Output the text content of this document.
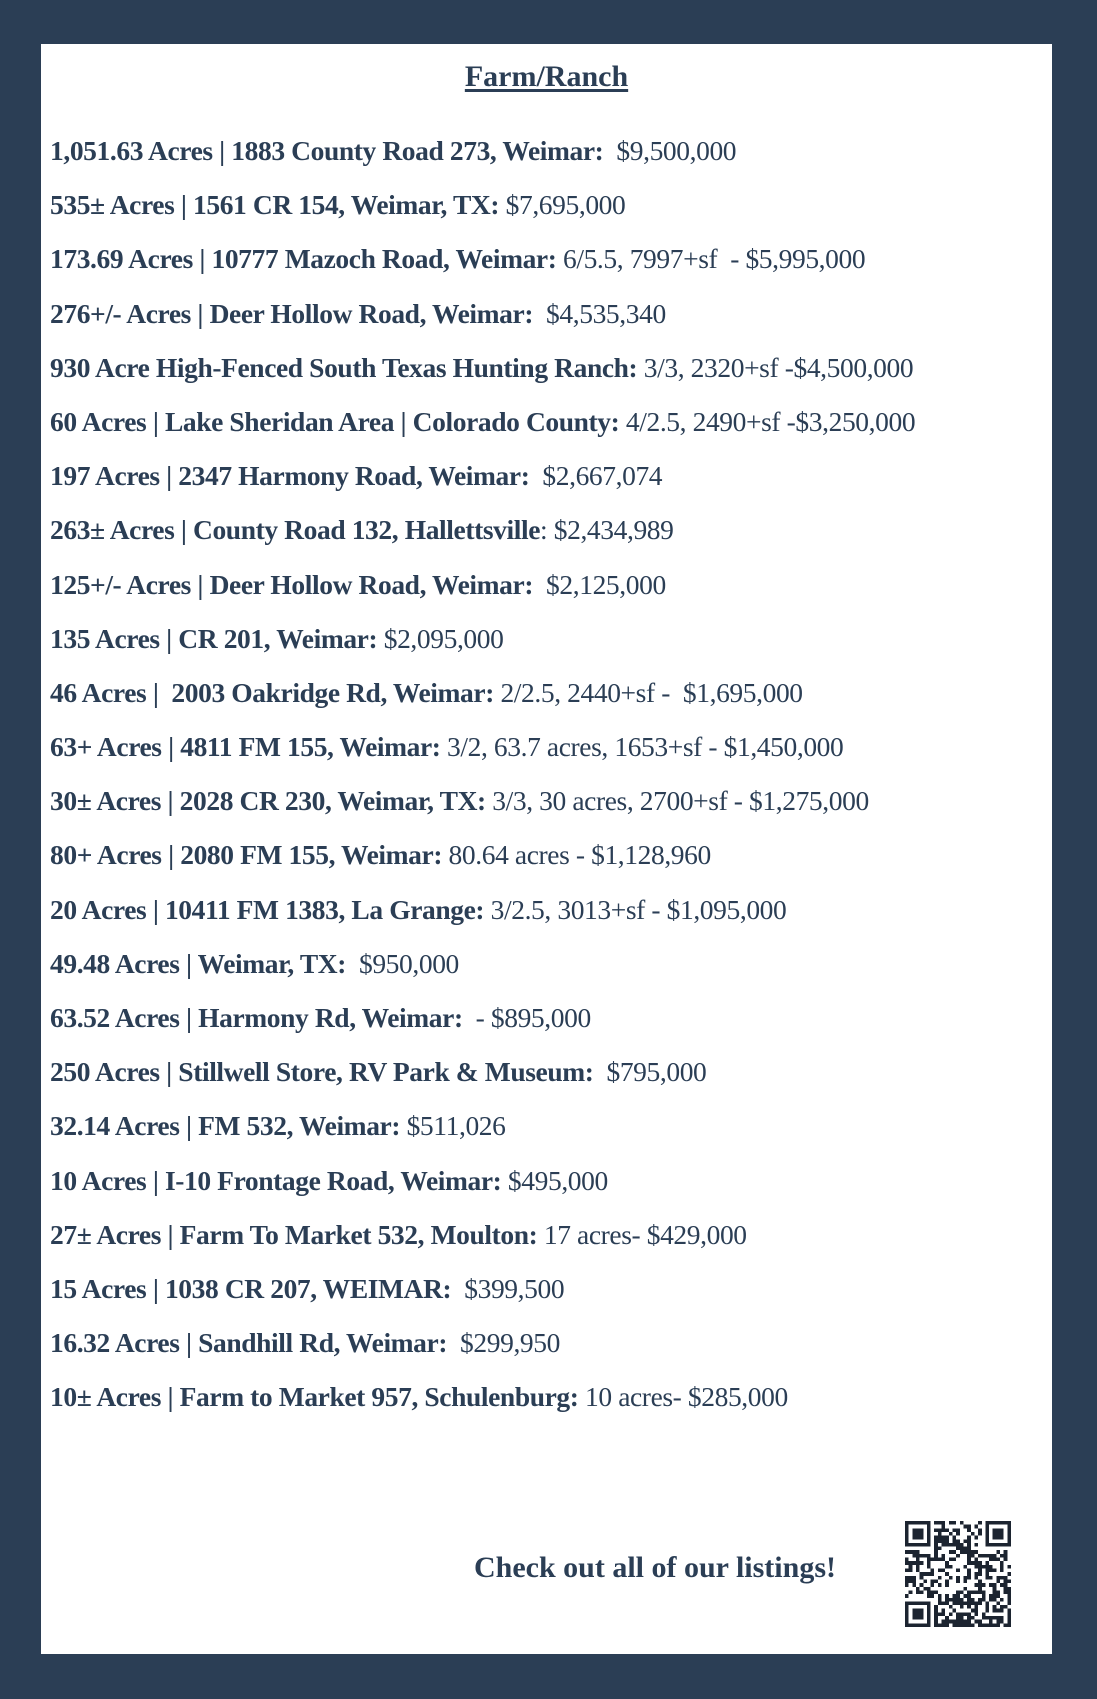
Farm/Ranch
1,051.63 Acres | 1883 County Road 273, Weimar:  $9,500,000
535± Acres | 1561 CR 154, Weimar, TX: $7,695,000
173.69 Acres | 10777 Mazoch Road, Weimar: 6/5.5, 7997+sf  - $5,995,000
276+/- Acres | Deer Hollow Road, Weimar:  $4,535,340
930 Acre High-Fenced South Texas Hunting Ranch: 3/3, 2320+sf -$4,500,000
60 Acres | Lake Sheridan Area | Colorado County: 4/2.5, 2490+sf -$3,250,000
197 Acres | 2347 Harmony Road, Weimar:  $2,667,074
263± Acres | County Road 132, Hallettsville: $2,434,989
125+/- Acres | Deer Hollow Road, Weimar:  $2,125,000
135 Acres | CR 201, Weimar: $2,095,000
46 Acres |  2003 Oakridge Rd, Weimar: 2/2.5, 2440+sf -  $1,695,000
63+ Acres | 4811 FM 155, Weimar: 3/2, 63.7 acres, 1653+sf - $1,450,000
30± Acres | 2028 CR 230, Weimar, TX: 3/3, 30 acres, 2700+sf - $1,275,000
80+ Acres | 2080 FM 155, Weimar: 80.64 acres - $1,128,960
20 Acres | 10411 FM 1383, La Grange: 3/2.5, 3013+sf - $1,095,000
49.48 Acres | Weimar, TX:  $950,000
63.52 Acres | Harmony Rd, Weimar:  - $895,000
250 Acres | Stillwell Store, RV Park & Museum:  $795,000
32.14 Acres | FM 532, Weimar: $511,026
10 Acres | I-10 Frontage Road, Weimar: $495,000
27± Acres | Farm To Market 532, Moulton: 17 acres- $429,000
15 Acres | 1038 CR 207, WEIMAR:  $399,500
16.32 Acres | Sandhill Rd, Weimar:  $299,950
10± Acres | Farm to Market 957, Schulenburg: 10 acres- $285,000
Check out all of our listings!
